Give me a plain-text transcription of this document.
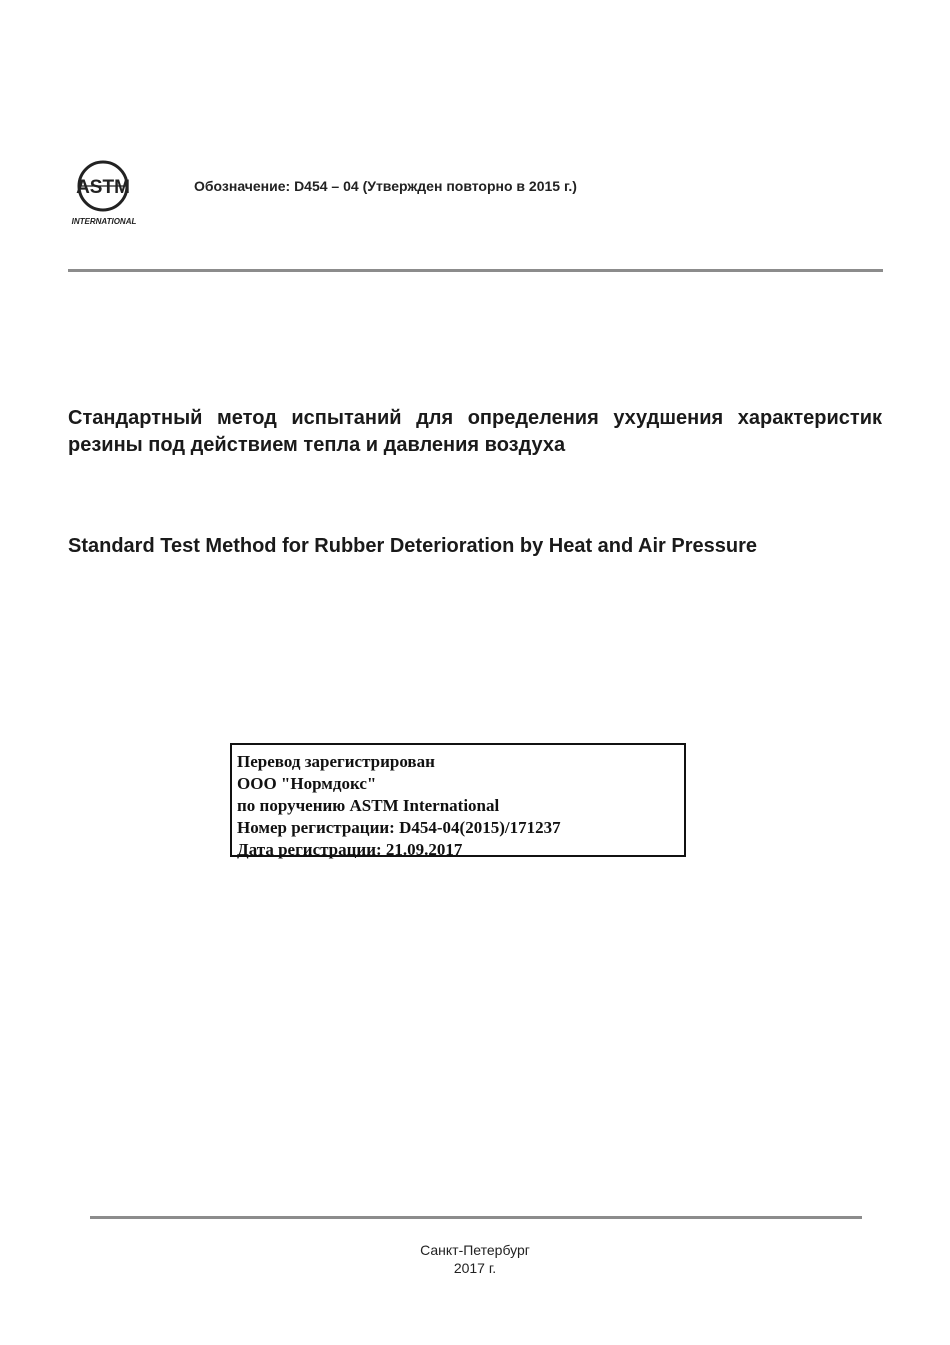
ASTM
INTERNATIONAL
Обозначение: D454 – 04 (Утвержден повторно в 2015 г.)
Стандартный метод испытаний для определения ухудшения характеристик резины под действием тепла и давления воздуха
Standard Test Method for Rubber Deterioration by Heat and Air Pressure
Перевод зарегистрирован
ООО "Нормдокс"
по поручению ASTM International
Номер регистрации: D454-04(2015)/171237
Дата регистрации: 21.09.2017
Санкт-Петербург
2017 г.
